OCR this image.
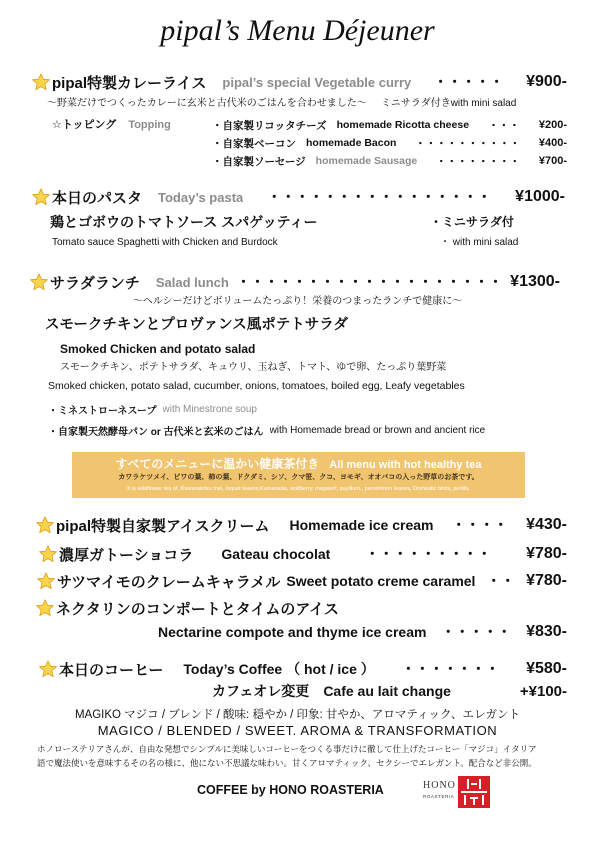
pipal’s Menu Déjeuner
pipal特製カレーライス pipal’s special Vegetable curry	・・・・・	¥900-
〜野菜だけでつくったカレーに玄米と古代米のごはんを合わせました〜 ミニサラダ付きwith mini salad
☆トッピング Topping	・自家製リコッタチーズ homemade Ricotta cheese	・・・	¥200-
・自家製ベーコン homemade Bacon	・・・・・・・・・・	¥400-
・自家製ソーセージ homemade Sausage	・・・・・・・・	¥700-
本日のパスタ Today’s pasta	・・・・・・・・・・・・・・・・	¥1000-
鶏とゴボウのトマトソース スパゲッティー	・ミニサラダ付
Tomato sauce Spaghetti with Chicken and Burdock	・ with mini salad
サラダランチ Salad lunch ・・・・・・・・・・・・・・・・・・・ ¥1300-
〜ヘルシーだけどボリュームたっぷり！栄養のつまったランチで健康に〜
スモークチキンとプロヴァンス風ポテトサラダ
Smoked Chicken and potato salad
スモークチキン、ポテトサラダ、キュウリ、玉ねぎ、トマト、ゆで卵、たっぷり葉野菜
Smoked chicken, potato salad, cucumber, onions, tomatoes, boiled egg, Leafy vegetables
・ミネストローネスープ with Minestrone soup
・自家製天然酵母パン or 古代米と玄米のごはん with Homemade bread or brown and ancient rice
すべてのメニューに温かい健康茶付き All menu with hot healthy tea
カワラケツメイ、ビワの葉、柿の葉、ドクダミ、シソ、クマ笹、クコ、ヨモギ、オオバコの入った野草のお茶です。
It is wildflower tea of ,Kawaratetsu mei, loquat leaves,Kumasada, wolfberry, mugwort, psyllium., persimmon leaves, Domestic birds, perilla,
pipal特製自家製アイスクリーム Homemade ice cream	・・・・	¥430-
濃厚ガトーショコラ Gateau chocolat	・・・・・・・・・	¥780-
サツマイモのクレームキャラメル Sweet potato creme caramel ・・ ¥780-
ネクタリンのコンポートとタイムのアイス
Nectarine compote and thyme ice cream	・・・・・ ¥830-
本日のコーヒー Today’s Coffee （ hot / ice ）	・・・・・・・	¥580-
カフェオレ変更 Cafe au lait change	+¥100-
MAGIKO マジコ / ブレンド / 酸味: 穏やか / 印象: 甘やか、アロマティック、エレガント
MAGICO / BLENDED / SWEET. AROMA & TRANSFORMATION
ホノローステリアさんが、自由な発想でシンプルに美味しいコーヒーをつくる事だけに徹して仕上げたコーヒー「マジコ」イタリア
語で魔法使いを意味するその名の様に、他にない不思議な味わい。甘くアロマティック、セクシーでエレガント。配合など非公開。
COFFEE by HONO ROASTERIA	HONO
ROASTERIA
